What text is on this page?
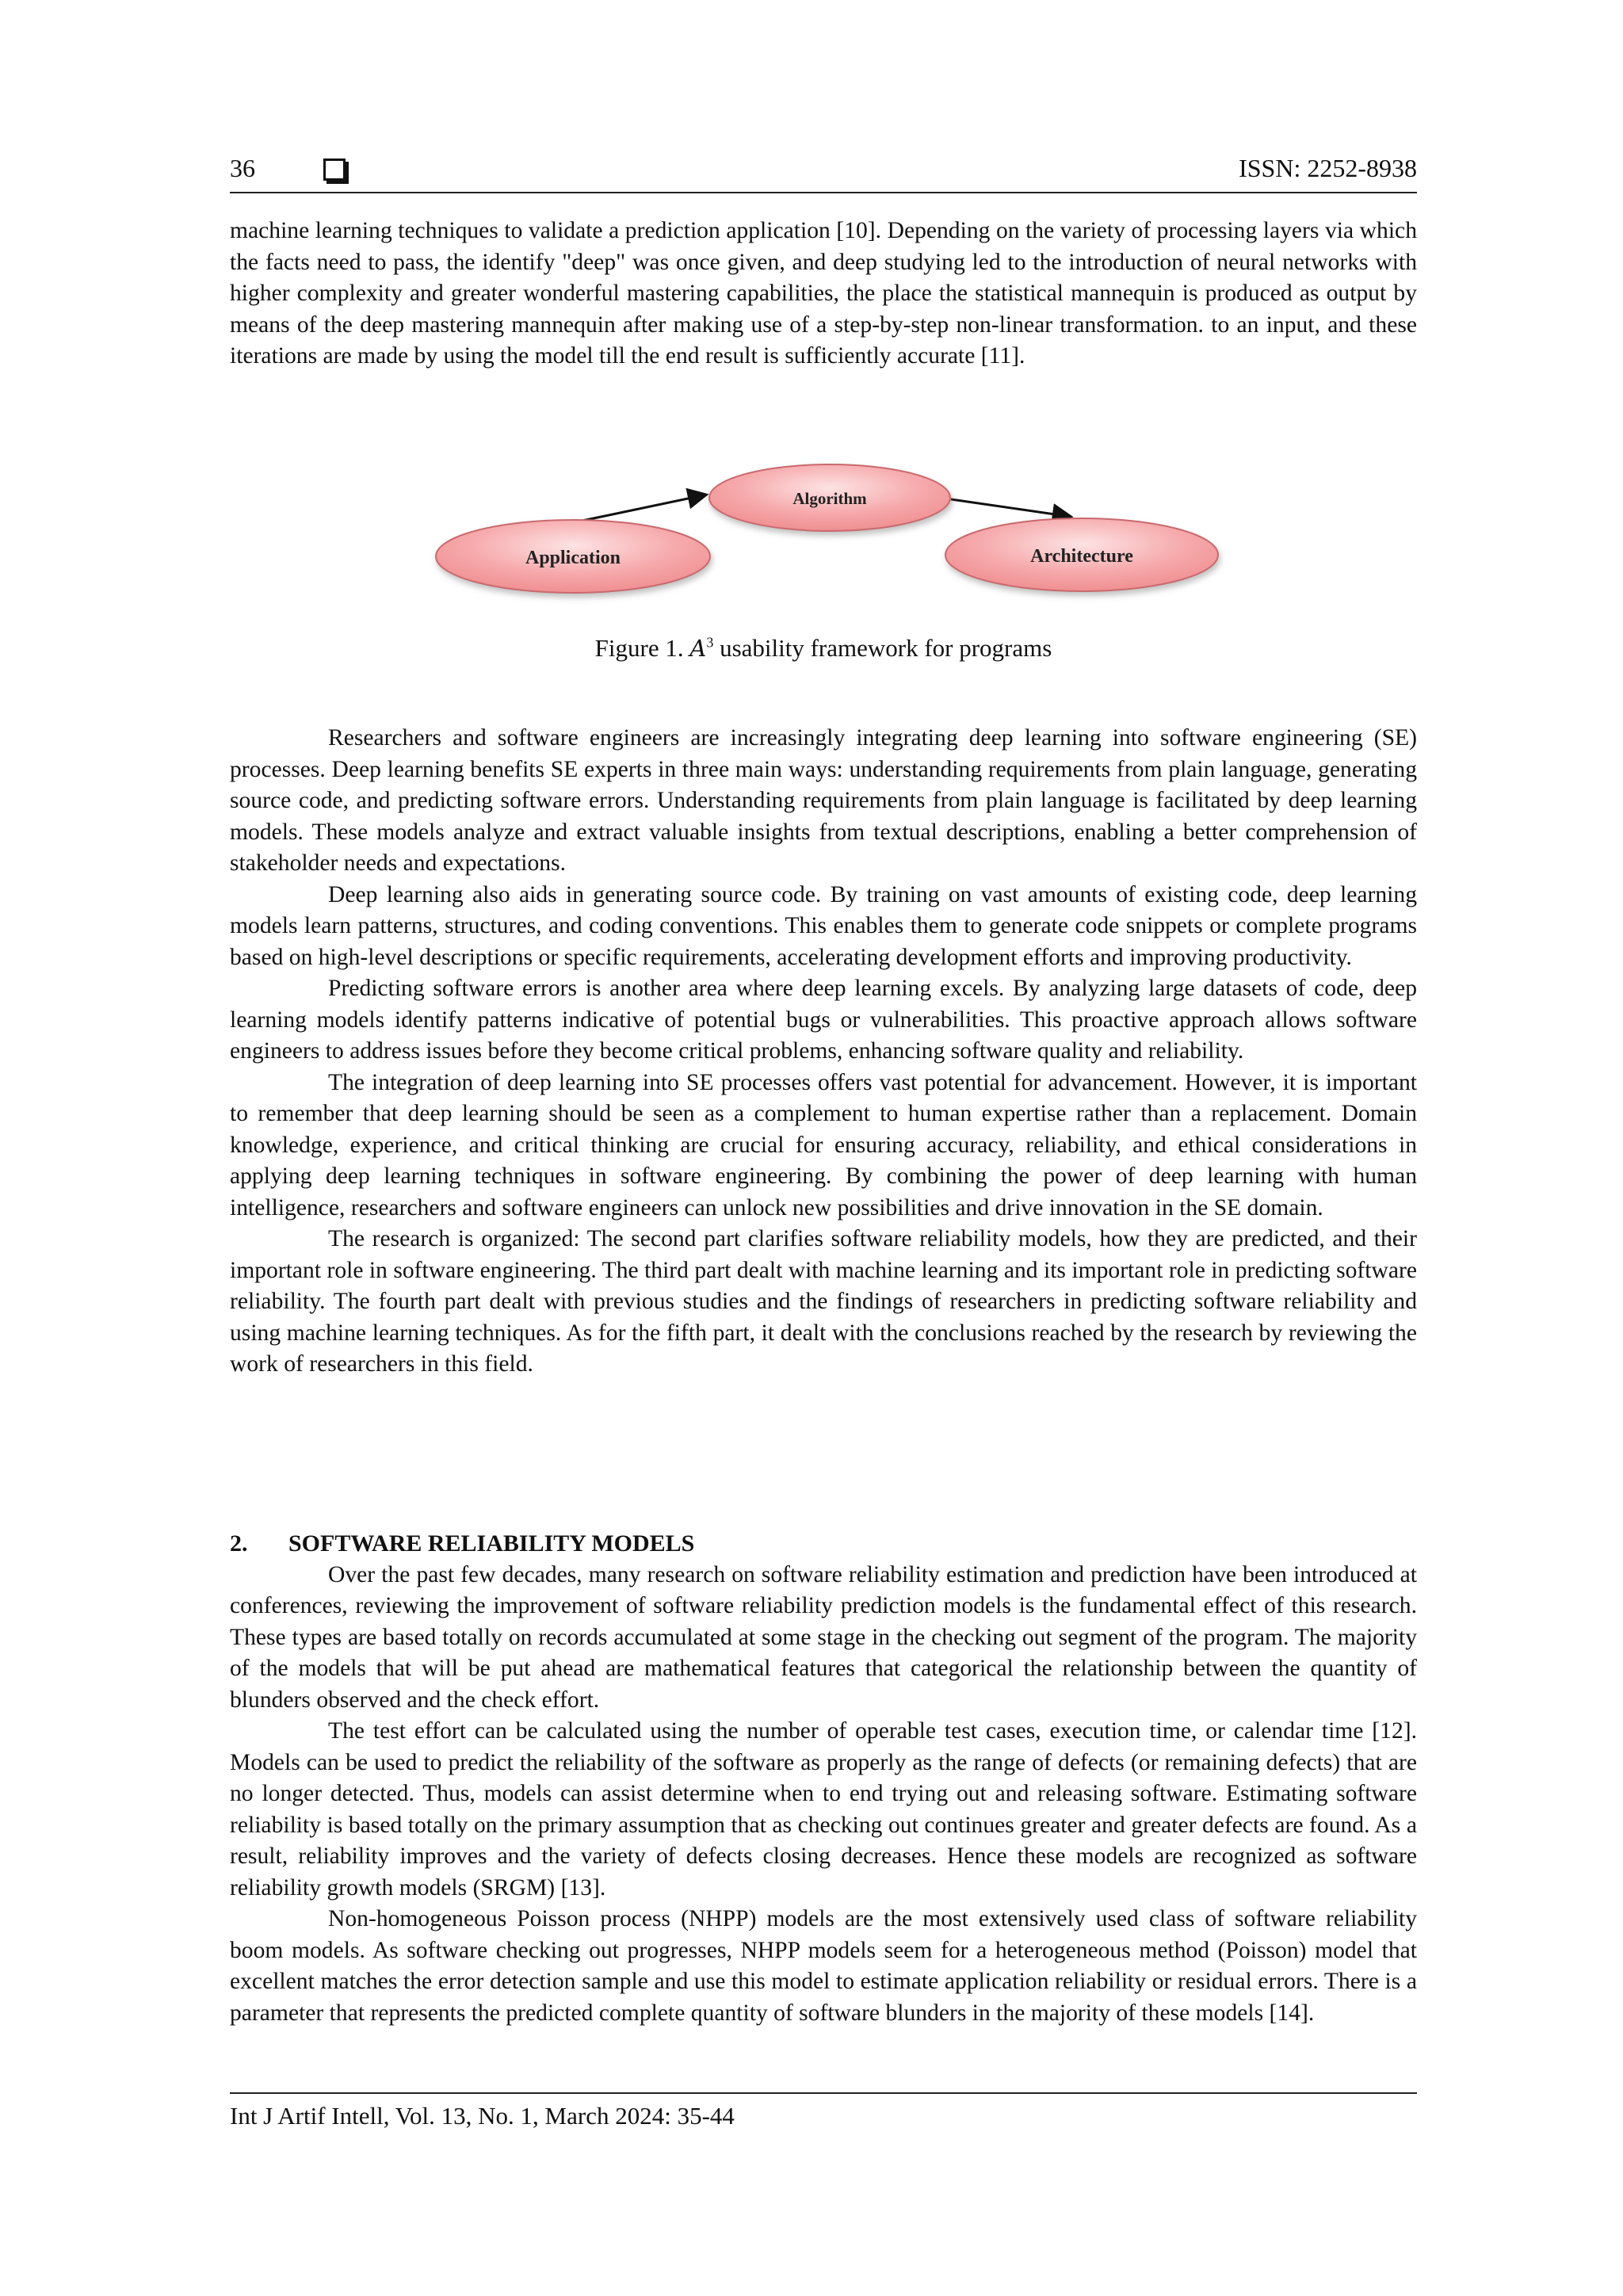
36	ISSN: 2252-8938

machine learning techniques to validate a prediction application [10]. Depending on the variety of processing layers via which the facts need to pass, the identify "deep" was once given, and deep studying led to the introduction of neural networks with higher complexity and greater wonderful mastering capabilities, the place the statistical mannequin is produced as output by means of the deep mastering mannequin after making use of a step-by-step non-linear transformation. to an input, and these iterations are made by using the model till the end result is sufficiently accurate [11].

Algorithm
Application	Architecture
Figure 1. $A^3$ usability framework for programs

Researchers and software engineers are increasingly integrating deep learning into software engineering (SE) processes. Deep learning benefits SE experts in three main ways: understanding requirements from plain language, generating source code, and predicting software errors. Understanding requirements from plain language is facilitated by deep learning models. These models analyze and extract valuable insights from textual descriptions, enabling a better comprehension of stakeholder needs and expectations.

Deep learning also aids in generating source code. By training on vast amounts of existing code, deep learning models learn patterns, structures, and coding conventions. This enables them to generate code snippets or complete programs based on high-level descriptions or specific requirements, accelerating development efforts and improving productivity.

Predicting software errors is another area where deep learning excels. By analyzing large datasets of code, deep learning models identify patterns indicative of potential bugs or vulnerabilities. This proactive approach allows software engineers to address issues before they become critical problems, enhancing software quality and reliability.

The integration of deep learning into SE processes offers vast potential for advancement. However, it is important to remember that deep learning should be seen as a complement to human expertise rather than a replacement. Domain knowledge, experience, and critical thinking are crucial for ensuring accuracy, reliability, and ethical considerations in applying deep learning techniques in software engineering. By combining the power of deep learning with human intelligence, researchers and software engineers can unlock new possibilities and drive innovation in the SE domain.

The research is organized: The second part clarifies software reliability models, how they are predicted, and their important role in software engineering. The third part dealt with machine learning and its important role in predicting software reliability. The fourth part dealt with previous studies and the findings of researchers in predicting software reliability and using machine learning techniques. As for the fifth part, it dealt with the conclusions reached by the research by reviewing the work of researchers in this field.

2. SOFTWARE RELIABILITY MODELS

Over the past few decades, many research on software reliability estimation and prediction have been introduced at conferences, reviewing the improvement of software reliability prediction models is the fundamental effect of this research. These types are based totally on records accumulated at some stage in the checking out segment of the program. The majority of the models that will be put ahead are mathematical features that categorical the relationship between the quantity of blunders observed and the check effort.

The test effort can be calculated using the number of operable test cases, execution time, or calendar time [12]. Models can be used to predict the reliability of the software as properly as the range of defects (or remaining defects) that are no longer detected. Thus, models can assist determine when to end trying out and releasing software. Estimating software reliability is based totally on the primary assumption that as checking out continues greater and greater defects are found. As a result, reliability improves and the variety of defects closing decreases. Hence these models are recognized as software reliability growth models (SRGM) [13].

Non-homogeneous Poisson process (NHPP) models are the most extensively used class of software reliability boom models. As software checking out progresses, NHPP models seem for a heterogeneous method (Poisson) model that excellent matches the error detection sample and use this model to estimate application reliability or residual errors. There is a parameter that represents the predicted complete quantity of software blunders in the majority of these models [14].

Int J Artif Intell, Vol. 13, No. 1, March 2024: 35-44
